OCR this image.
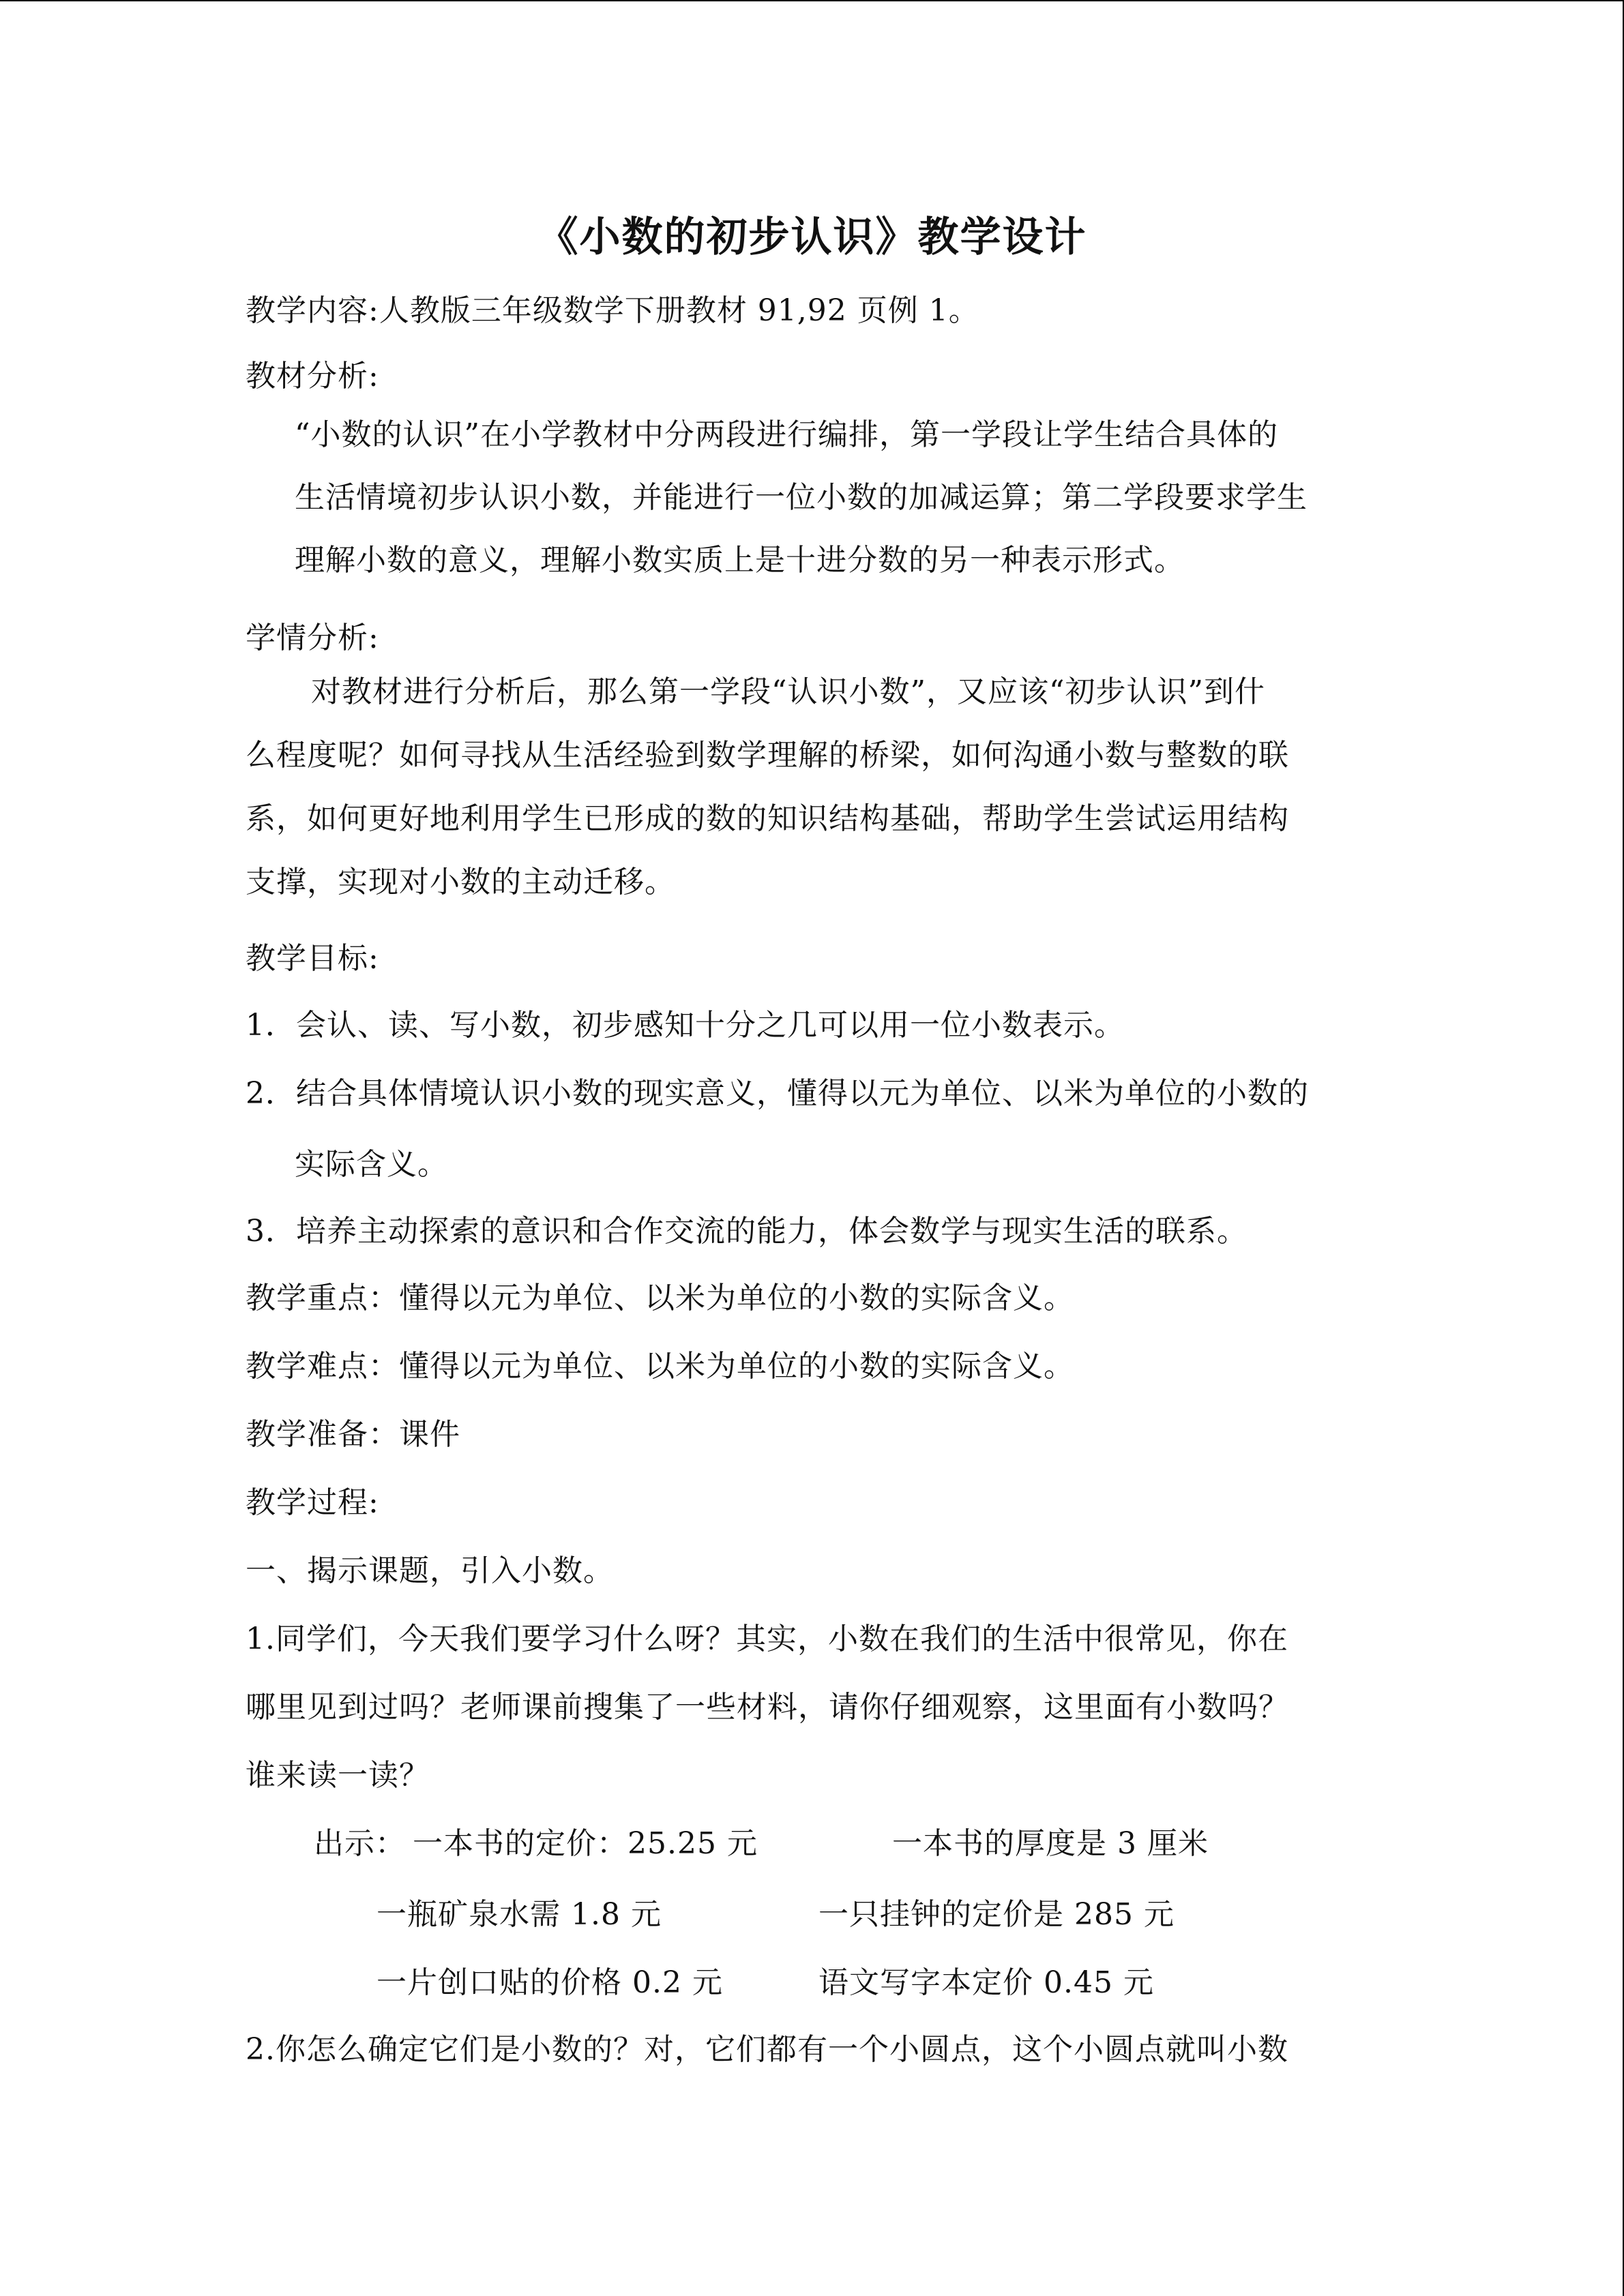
《小数的初步认识》教学设计
教学内容:人教版三年级数学下册教材 91,92 页例 1。
教材分析:
“小数的认识”在小学教材中分两段进行编排，第一学段让学生结合具体的
生活情境初步认识小数，并能进行一位小数的加减运算；第二学段要求学生
理解小数的意义，理解小数实质上是十进分数的另一种表示形式。
学情分析:
对教材进行分析后，那么第一学段“认识小数”，又应该“初步认识”到什
么程度呢？如何寻找从生活经验到数学理解的桥梁，如何沟通小数与整数的联
系，如何更好地利用学生已形成的数的知识结构基础，帮助学生尝试运用结构
支撑，实现对小数的主动迁移。
教学目标:
1．会认、读、写小数，初步感知十分之几可以用一位小数表示。
2．结合具体情境认识小数的现实意义，懂得以元为单位、以米为单位的小数的
实际含义。
3．培养主动探索的意识和合作交流的能力，体会数学与现实生活的联系。
教学重点：懂得以元为单位、以米为单位的小数的实际含义。
教学难点：懂得以元为单位、以米为单位的小数的实际含义。
教学准备：课件
教学过程:
一、揭示课题，引入小数。
1.同学们，今天我们要学习什么呀？其实，小数在我们的生活中很常见，你在
哪里见到过吗？老师课前搜集了一些材料，请你仔细观察，这里面有小数吗？
谁来读一读？
出示： 一本书的定价：25.25 元	一本书的厚度是 3 厘米
一瓶矿泉水需 1.8 元	一只挂钟的定价是 285 元
一片创口贴的价格 0.2 元	语文写字本定价 0.45 元
2.你怎么确定它们是小数的？对，它们都有一个小圆点，这个小圆点就叫小数
